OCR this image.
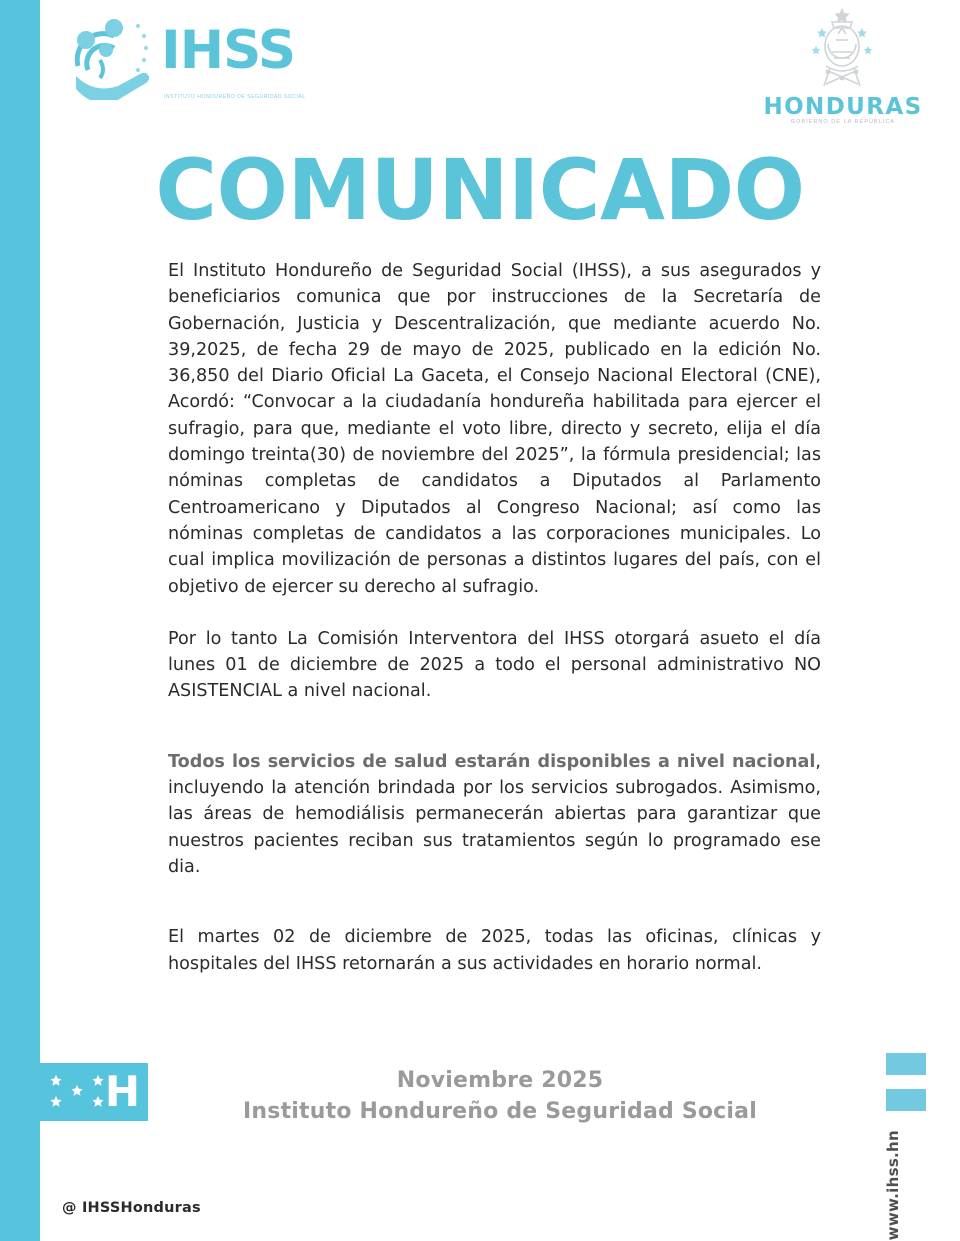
IHSS
INSTITUTO HONDUREÑO DE SEGURIDAD SOCIAL	HONDURAS
GOBIERNO DE LA REPÚBLICA
COMUNICADO

El Instituto Hondureño de Seguridad Social (IHSS), a sus asegurados y beneficiarios comunica que por instrucciones de la Secretaría de Gobernación, Justicia y Descentralización, que mediante acuerdo No. 39,2025, de fecha 29 de mayo de 2025, publicado en la edición No. 36,850 del Diario Oficial La Gaceta, el Consejo Nacional Electoral (CNE), Acordó: “Convocar a la ciudadanía hondureña habilitada para ejercer el sufragio, para que, mediante el voto libre, directo y secreto, elija el día domingo treinta(30) de noviembre del 2025”, la fórmula presidencial; las nóminas completas de candidatos a Diputados al Parlamento Centroamericano y Diputados al Congreso Nacional; así como las nóminas completas de candidatos a las corporaciones municipales. Lo cual implica movilización de personas a distintos lugares del país, con el objetivo de ejercer su derecho al sufragio.

Por lo tanto La Comisión Interventora del IHSS otorgará asueto el día lunes 01 de diciembre de 2025 a todo el personal administrativo NO ASISTENCIAL a nivel nacional.

Todos los servicios de salud estarán disponibles a nivel nacional, incluyendo la atención brindada por los servicios subrogados. Asimismo, las áreas de hemodiálisis permanecerán abiertas para garantizar que nuestros pacientes reciban sus tratamientos según lo programado ese dia.

El martes 02 de diciembre de 2025, todas las oficinas, clínicas y hospitales del IHSS retornarán a sus actividades en horario normal.

H	Noviembre 2025
Instituto Hondureño de Seguridad Social
@ IHSSHonduras	www.ihss.hn
